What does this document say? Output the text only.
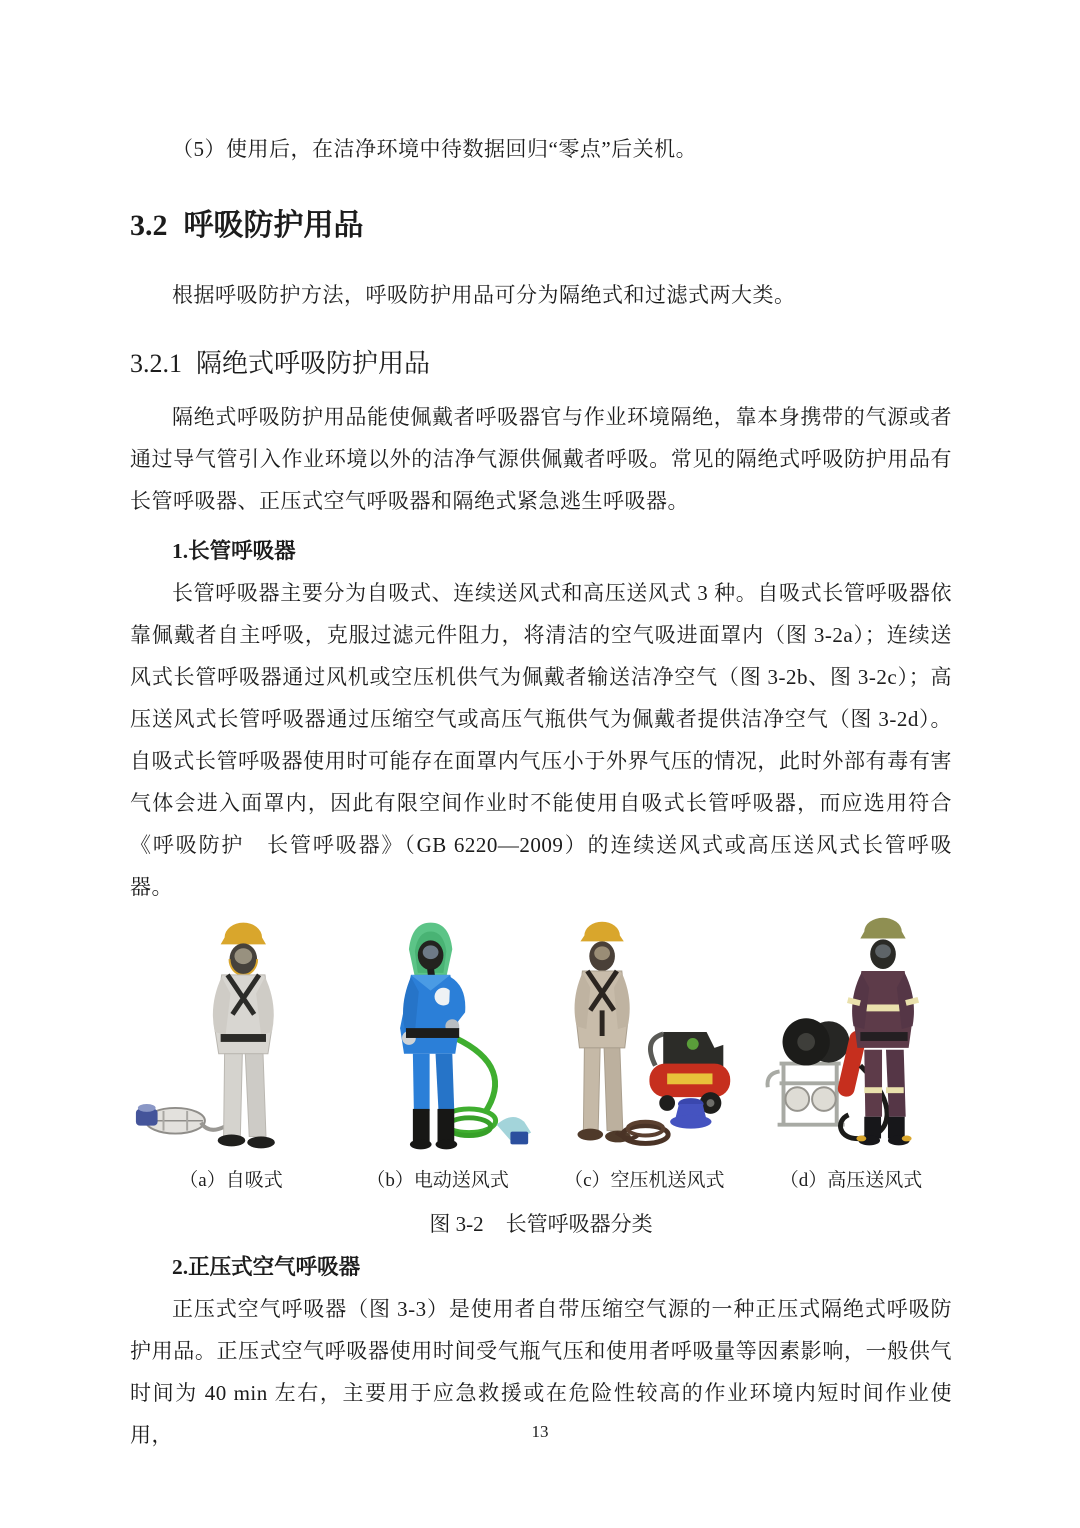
（5）使用后，在洁净环境中待数据回归“零点”后关机。

3.2 呼吸防护用品

根据呼吸防护方法，呼吸防护用品可分为隔绝式和过滤式两大类。

3.2.1 隔绝式呼吸防护用品

隔绝式呼吸防护用品能使佩戴者呼吸器官与作业环境隔绝，靠本身携带的气源或者通过导气管引入作业环境以外的洁净气源供佩戴者呼吸。常见的隔绝式呼吸防护用品有长管呼吸器、正压式空气呼吸器和隔绝式紧急逃生呼吸器。

1.长管呼吸器

长管呼吸器主要分为自吸式、连续送风式和高压送风式 3 种。自吸式长管呼吸器依靠佩戴者自主呼吸，克服过滤元件阻力，将清洁的空气吸进面罩内（图 3-2a）；连续送风式长管呼吸器通过风机或空压机供气为佩戴者输送洁净空气（图 3-2b、图 3-2c）；高压送风式长管呼吸器通过压缩空气或高压气瓶供气为佩戴者提供洁净空气（图 3-2d）。自吸式长管呼吸器使用时可能存在面罩内气压小于外界气压的情况，此时外部有毒有害气体会进入面罩内，因此有限空间作业时不能使用自吸式长管呼吸器，而应选用符合《呼吸防护　长管呼吸器》（GB 6220—2009）的连续送风式或高压送风式长管呼吸器。

（a）自吸式	（b）电动送风式	（c）空压机送风式	（d）高压送风式
图 3-2 长管呼吸器分类
2.正压式空气呼吸器

正压式空气呼吸器（图 3-3）是使用者自带压缩空气源的一种正压式隔绝式呼吸防护用品。正压式空气呼吸器使用时间受气瓶气压和使用者呼吸量等因素影响，一般供气时间为 40 min 左右，主要用于应急救援或在危险性较高的作业环境内短时间作业使用，	13
